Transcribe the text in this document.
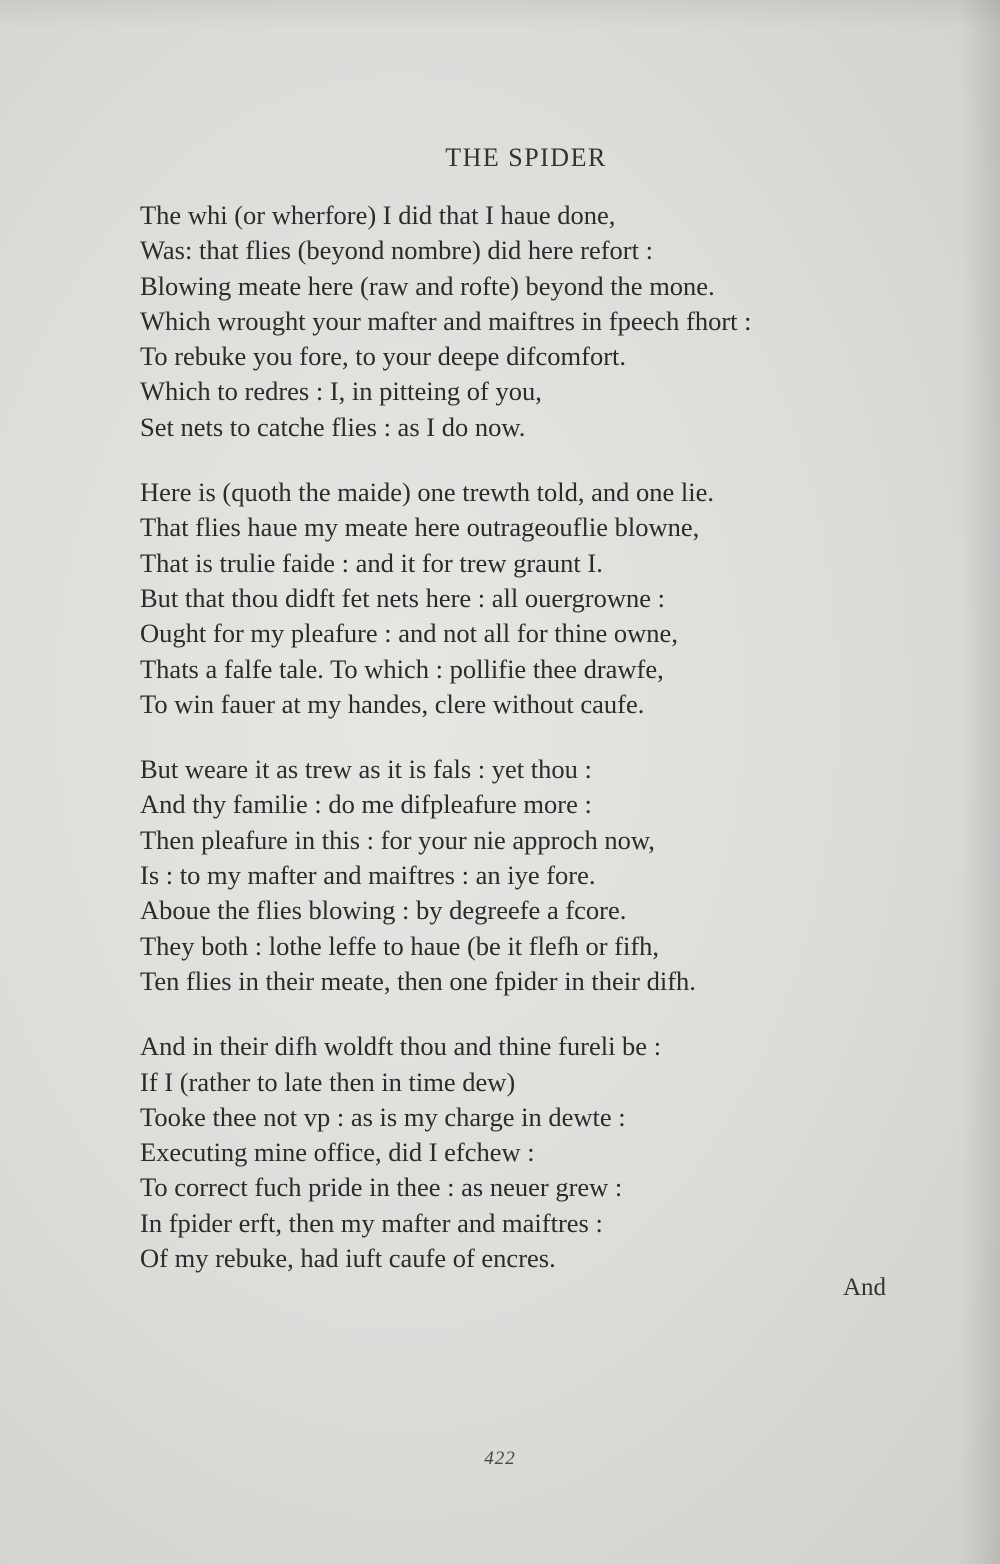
THE SPIDER
The whi (or wherfore) I did that I haue done,
Was: that flies (beyond nombre) did here refort :
Blowing meate here (raw and rofte) beyond the mone.
Which wrought your mafter and maiftres in fpeech fhort :
To rebuke you fore, to your deepe difcomfort.
Which to redres : I, in pitteing of you,
Set nets to catche flies : as I do now.
Here is (quoth the maide) one trewth told, and one lie.
That flies haue my meate here outrageouflie blowne,
That is trulie faide : and it for trew graunt I.
But that thou didft fet nets here : all ouergrowne :
Ought for my pleafure : and not all for thine owne,
Thats a falfe tale. To which : pollifie thee drawfe,
To win fauer at my handes, clere without caufe.
But weare it as trew as it is fals : yet thou :
And thy familie : do me difpleafure more :
Then pleafure in this : for your nie approch now,
Is : to my mafter and maiftres : an iye fore.
Aboue the flies blowing : by degreefe a fcore.
They both : lothe leffe to haue (be it flefh or fifh,
Ten flies in their meate, then one fpider in their difh.
And in their difh woldft thou and thine fureli be :
If I (rather to late then in time dew)
Tooke thee not vp : as is my charge in dewte :
Executing mine office, did I efchew :
To correct fuch pride in thee : as neuer grew :
In fpider erft, then my mafter and maiftres :
Of my rebuke, had iuft caufe of encres.
And
422
